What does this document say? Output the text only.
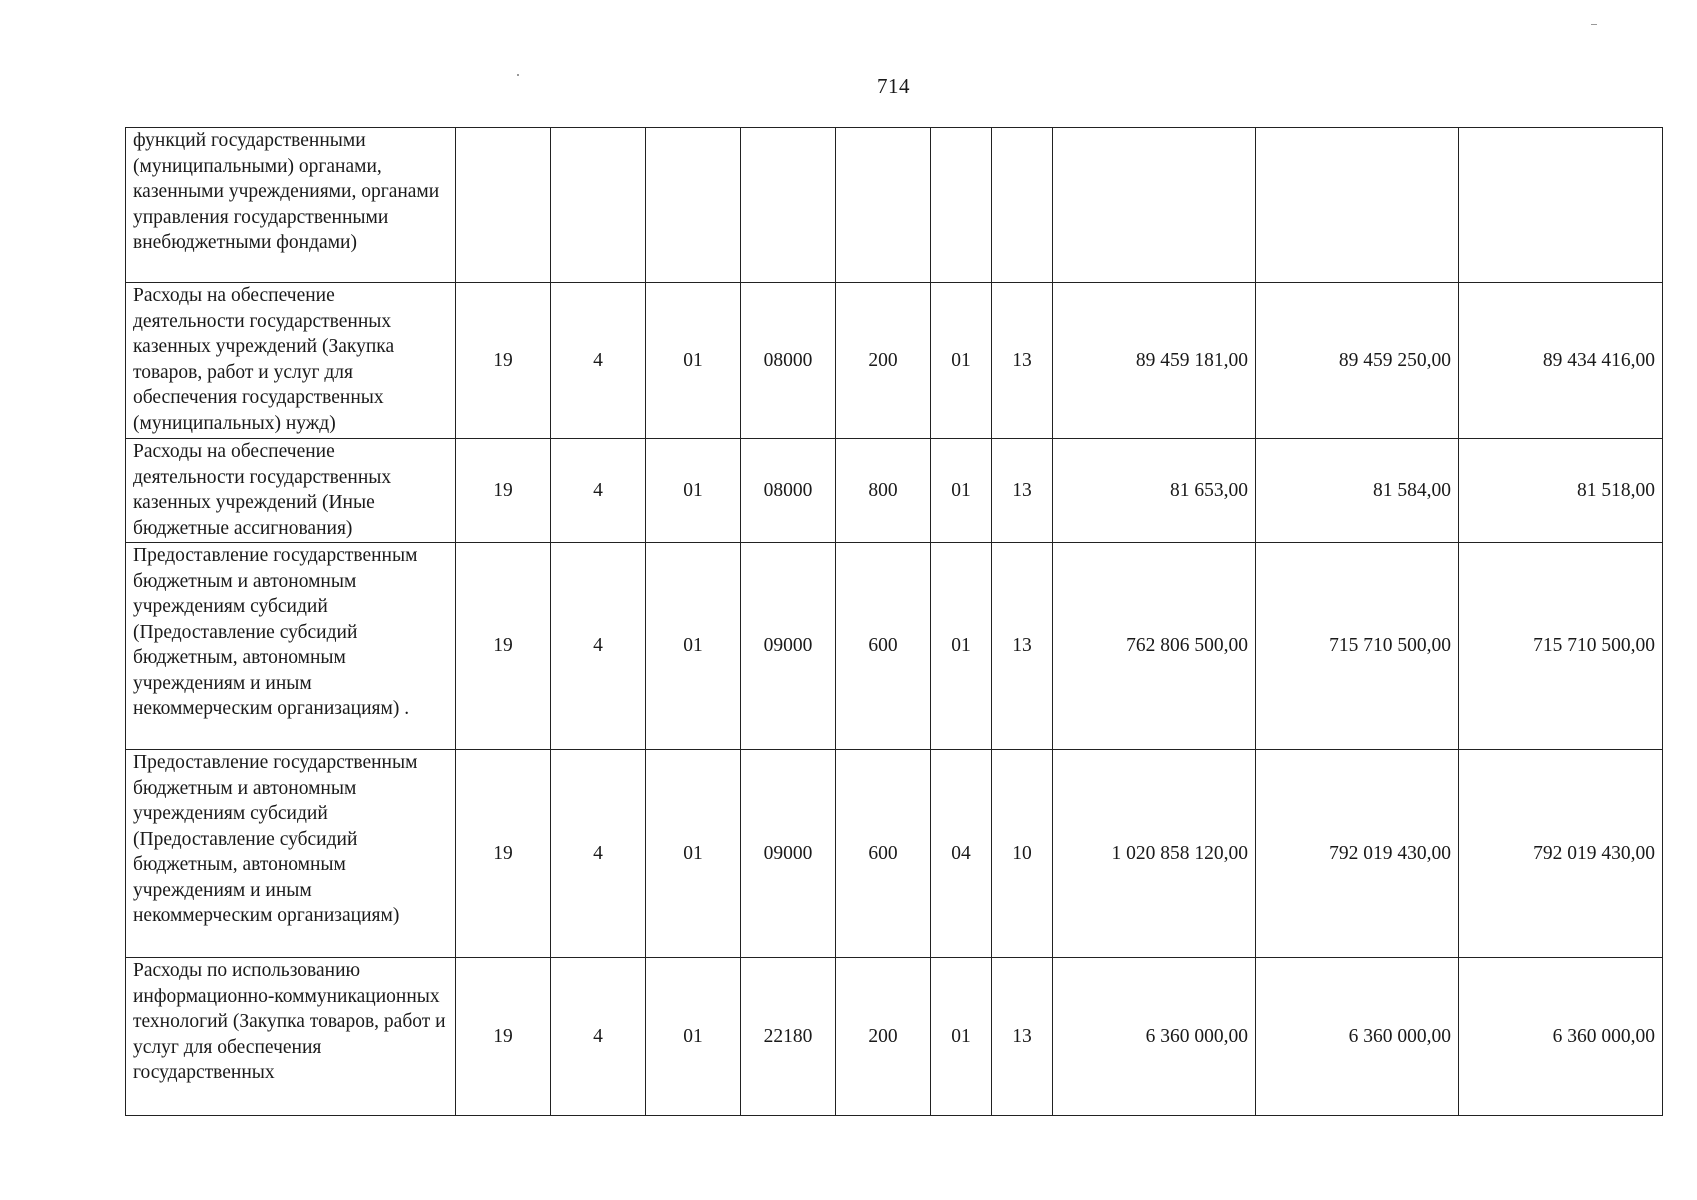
714
функций государственными (муниципальными) органами, казенными учреждениями, органами управления государственными внебюджетными фондами)										
Расходы на обеспечение деятельности государственных казенных учреждений (Закупка товаров, работ и услуг для обеспечения государственных (муниципальных) нужд)	19	4	01	08000	200	01	13	89 459 181,00	89 459 250,00	89 434 416,00
Расходы на обеспечение деятельности государственных казенных учреждений (Иные бюджетные ассигнования)	19	4	01	08000	800	01	13	81 653,00	81 584,00	81 518,00
Предоставление государственным бюджетным и автономным учреждениям субсидий (Предоставление субсидий бюджетным, автономным учреждениям и иным некоммерческим организациям) .	19	4	01	09000	600	01	13	762 806 500,00	715 710 500,00	715 710 500,00
Предоставление государственным бюджетным и автономным учреждениям субсидий (Предоставление субсидий бюджетным, автономным учреждениям и иным некоммерческим организациям)	19	4	01	09000	600	04	10	1 020 858 120,00	792 019 430,00	792 019 430,00
Расходы по использованию информационно-коммуникационных технологий (Закупка товаров, работ и услуг для обеспечения государственных	19	4	01	22180	200	01	13	6 360 000,00	6 360 000,00	6 360 000,00
